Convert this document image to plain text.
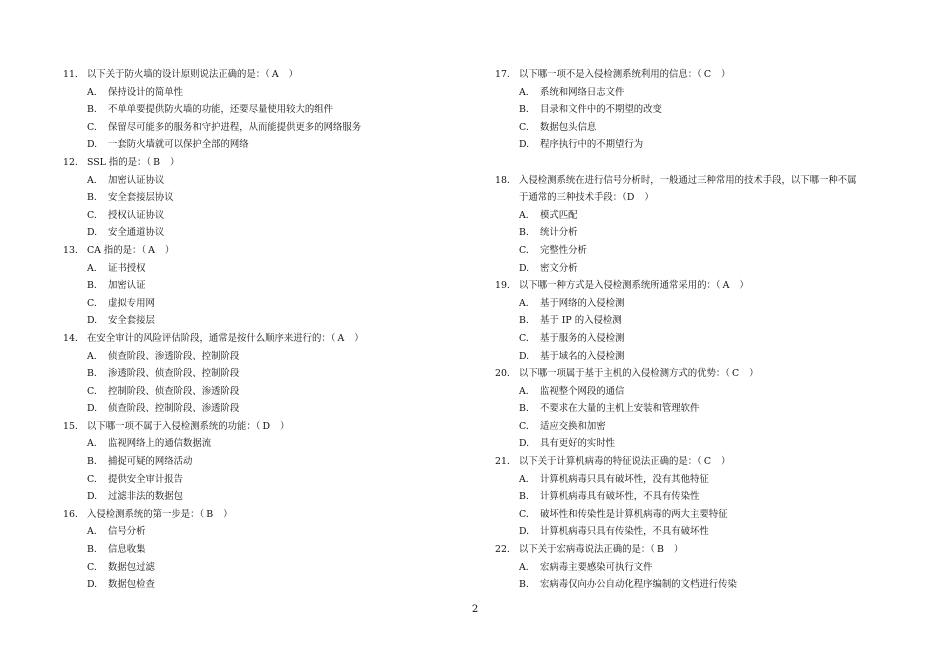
11. 以下关于防火墙的设计原则说法正确的是：（ A ）
A. 保持设计的简单性
B. 不单单要提供防火墙的功能，还要尽量使用较大的组件
C. 保留尽可能多的服务和守护进程，从而能提供更多的网络服务
D. 一套防火墙就可以保护全部的网络
12. SSL 指的是：（ B ）
A. 加密认证协议
B. 安全套接层协议
C. 授权认证协议
D. 安全通道协议
13. CA 指的是：（ A ）
A. 证书授权
B. 加密认证
C. 虚拟专用网
D. 安全套接层
14. 在安全审计的风险评估阶段，通常是按什么顺序来进行的：（ A ）
A. 侦查阶段、渗透阶段、控制阶段
B. 渗透阶段、侦查阶段、控制阶段
C. 控制阶段、侦查阶段、渗透阶段
D. 侦查阶段、控制阶段、渗透阶段
15. 以下哪一项不属于入侵检测系统的功能：（ D ）
A. 监视网络上的通信数据流
B. 捕捉可疑的网络活动
C. 提供安全审计报告
D. 过滤非法的数据包
16. 入侵检测系统的第一步是：（ B ）
A. 信号分析
B. 信息收集
C. 数据包过滤
D. 数据包检查
17. 以下哪一项不是入侵检测系统利用的信息：（ C ）
A. 系统和网络日志文件
B. 目录和文件中的不期望的改变
C. 数据包头信息
D. 程序执行中的不期望行为
18. 入侵检测系统在进行信号分析时，一般通过三种常用的技术手段，以下哪一种不属
于通常的三种技术手段：（D ）
A. 模式匹配
B. 统计分析
C. 完整性分析
D. 密文分析
19. 以下哪一种方式是入侵检测系统所通常采用的：（ A ）
A. 基于网络的入侵检测
B. 基于 IP 的入侵检测
C. 基于服务的入侵检测
D. 基于域名的入侵检测
20. 以下哪一项属于基于主机的入侵检测方式的优势：（ C ）
A. 监视整个网段的通信
B. 不要求在大量的主机上安装和管理软件
C. 适应交换和加密
D. 具有更好的实时性
21. 以下关于计算机病毒的特征说法正确的是：（ C ）
A. 计算机病毒只具有破坏性，没有其他特征
B. 计算机病毒具有破坏性，不具有传染性
C. 破坏性和传染性是计算机病毒的两大主要特征
D. 计算机病毒只具有传染性，不具有破坏性
22. 以下关于宏病毒说法正确的是：（ B ）
A. 宏病毒主要感染可执行文件
B. 宏病毒仅向办公自动化程序编制的文档进行传染
2
